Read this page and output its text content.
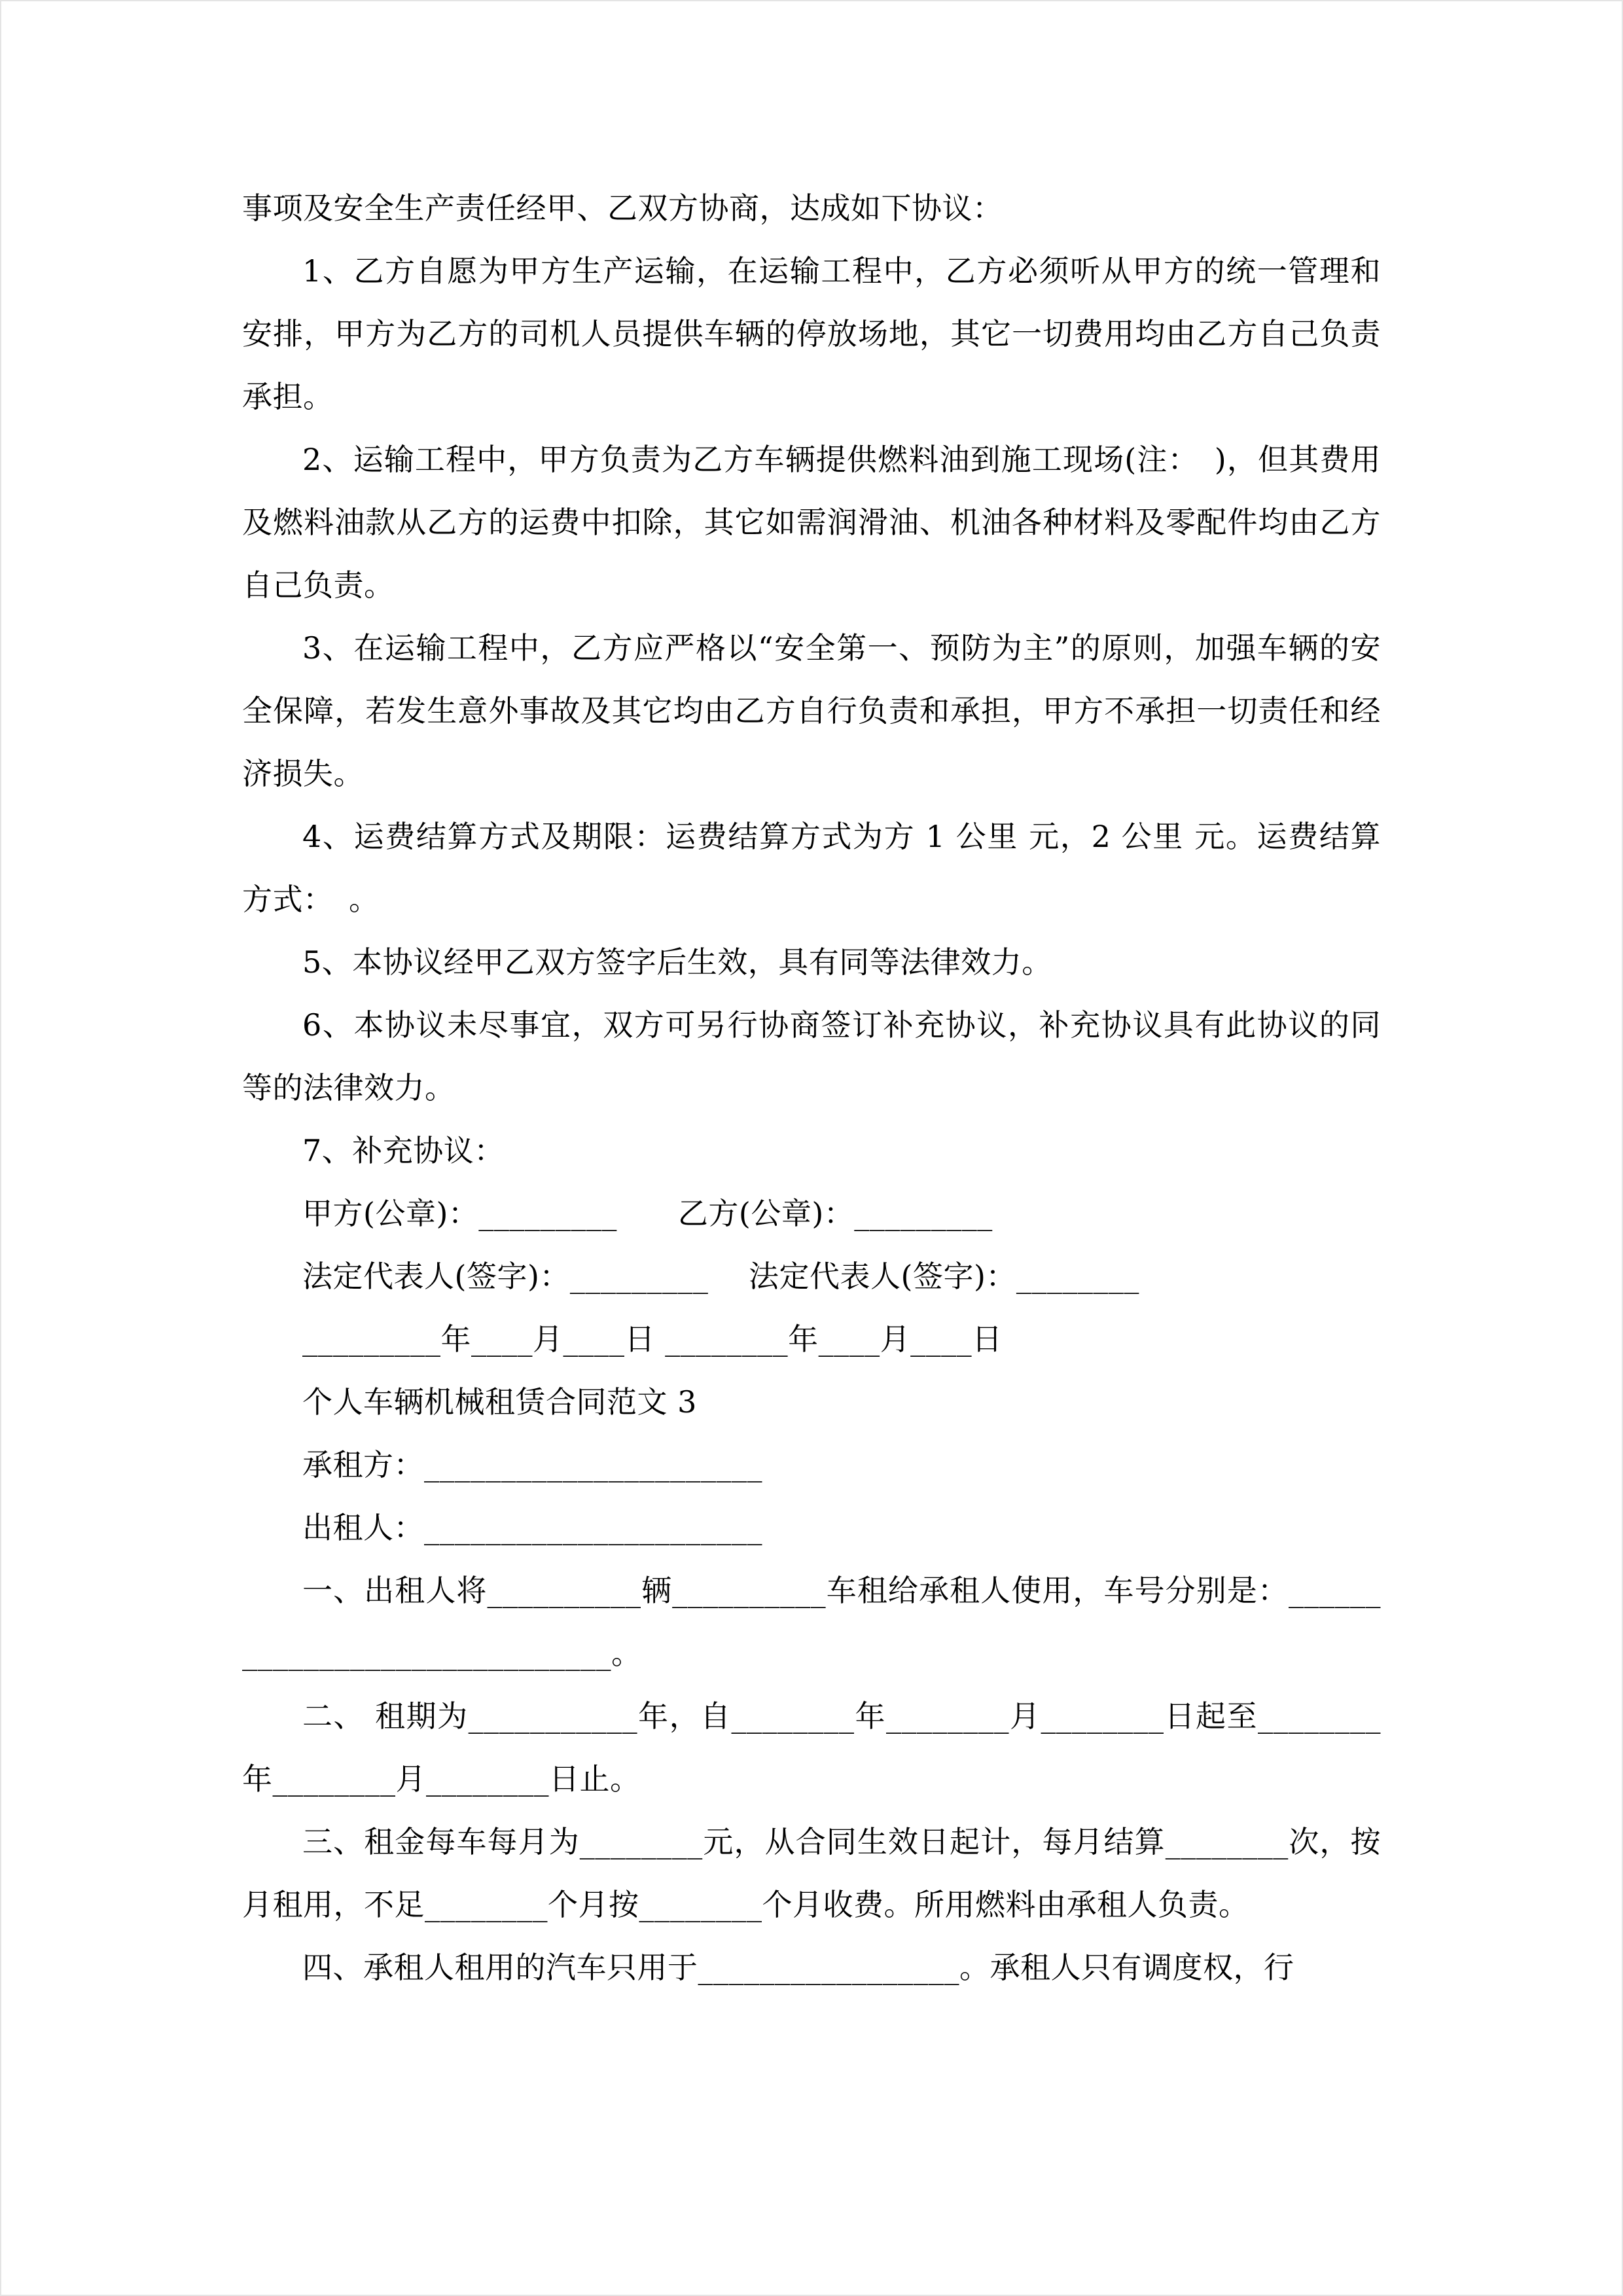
事项及安全生产责任经甲、乙双方协商，达成如下协议：

1、乙方自愿为甲方生产运输，在运输工程中，乙方必须听从甲方的统一管理和安排，甲方为乙方的司机人员提供车辆的停放场地，其它一切费用均由乙方自己负责承担。

2、运输工程中，甲方负责为乙方车辆提供燃料油到施工现场(注：　)，但其费用及燃料油款从乙方的运费中扣除，其它如需润滑油、机油各种材料及零配件均由乙方自己负责。

3、在运输工程中，乙方应严格以“安全第一、预防为主”的原则，加强车辆的安全保障，若发生意外事故及其它均由乙方自行负责和承担，甲方不承担一切责任和经济损失。

4、运费结算方式及期限：运费结算方式为方 1 公里 元，2 公里 元。运费结算方式：　。

5、本协议经甲乙双方签字后生效，具有同等法律效力。

6、本协议未尽事宜，双方可另行协商签订补充协议，补充协议具有此协议的同等的法律效力。

7、补充协议：

甲方(公章)：_________　　乙方(公章)：_________

法定代表人(签字)：_________　 法定代表人(签字)：________

_________年____月____日 ________年____月____日

个人车辆机械租赁合同范文 3

承租方：______________________

出租人：______________________

一、出租人将__________辆__________车租给承租人使用，车号分别是：______________________________。

二、 租期为___________年，自________年________月________日起至________年________月________日止。

三、租金每车每月为________元，从合同生效日起计，每月结算________次，按月租用，不足________个月按________个月收费。所用燃料由承租人负责。

四、承租人租用的汽车只用于_________________。承租人只有调度权，行
